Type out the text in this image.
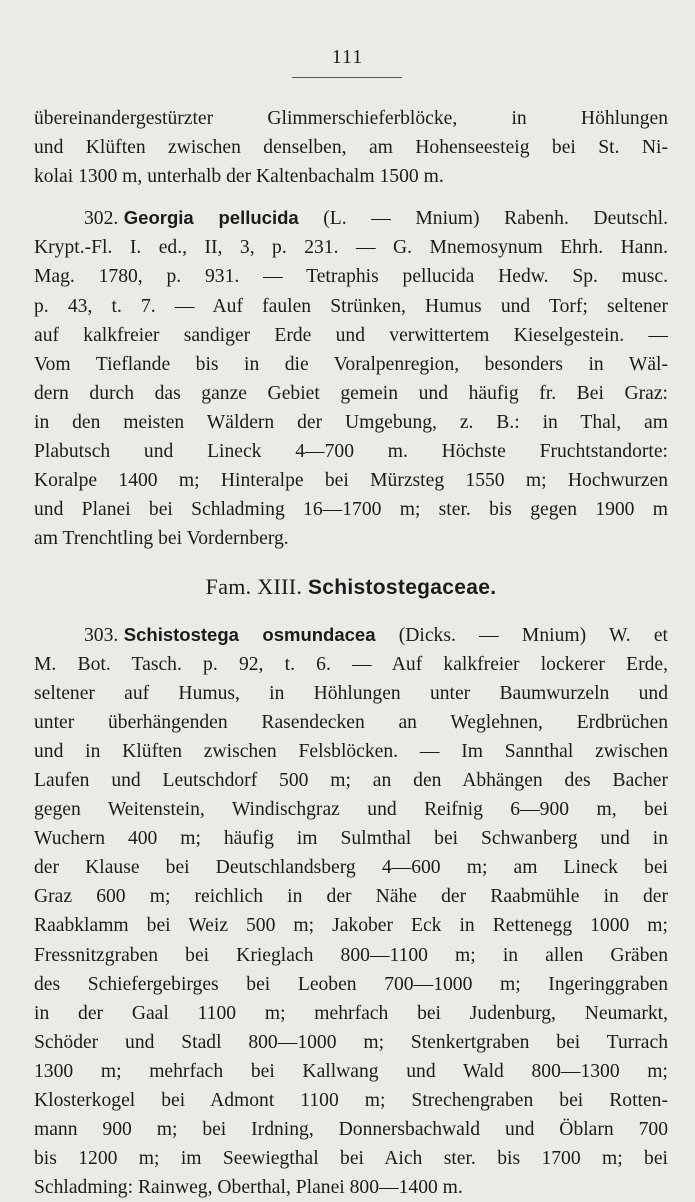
111
übereinandergestürzter Glimmerschieferblöcke, in Höhlungen
und Klüften zwischen denselben, am Hohenseesteig bei St. Ni-
kolai 1300 m, unterhalb der Kaltenbachalm 1500 m.
302. Georgia pellucida (L. — Mnium) Rabenh. Deutschl.
Krypt.-Fl. I. ed., II, 3, p. 231. — G. Mnemosynum Ehrh. Hann.
Mag. 1780, p. 931. — Tetraphis pellucida Hedw. Sp. musc.
p. 43, t. 7. — Auf faulen Strünken, Humus und Torf; seltener
auf kalkfreier sandiger Erde und verwittertem Kieselgestein. —
Vom Tieflande bis in die Voralpenregion, besonders in Wäl-
dern durch das ganze Gebiet gemein und häufig fr. Bei Graz:
in den meisten Wäldern der Umgebung, z. B.: in Thal, am
Plabutsch und Lineck 4—700 m. Höchste Fruchtstandorte:
Koralpe 1400 m; Hinteralpe bei Mürzsteg 1550 m; Hochwurzen
und Planei bei Schladming 16—1700 m; ster. bis gegen 1900 m
am Trenchtling bei Vordernberg.
Fam. XIII. Schistostegaceae.
303. Schistostega osmundacea (Dicks. — Mnium) W. et
M. Bot. Tasch. p. 92, t. 6. — Auf kalkfreier lockerer Erde,
seltener auf Humus, in Höhlungen unter Baumwurzeln und
unter überhängenden Rasendecken an Weglehnen, Erdbrüchen
und in Klüften zwischen Felsblöcken. — Im Sannthal zwischen
Laufen und Leutschdorf 500 m; an den Abhängen des Bacher
gegen Weitenstein, Windischgraz und Reifnig 6—900 m, bei
Wuchern 400 m; häufig im Sulmthal bei Schwanberg und in
der Klause bei Deutschlandsberg 4—600 m; am Lineck bei
Graz 600 m; reichlich in der Nähe der Raabmühle in der
Raabklamm bei Weiz 500 m; Jakober Eck in Rettenegg 1000 m;
Fressnitzgraben bei Krieglach 800—1100 m; in allen Gräben
des Schiefergebirges bei Leoben 700—1000 m; Ingeringgraben
in der Gaal 1100 m; mehrfach bei Judenburg, Neumarkt,
Schöder und Stadl 800—1000 m; Stenkertgraben bei Turrach
1300 m; mehrfach bei Kallwang und Wald 800—1300 m;
Klosterkogel bei Admont 1100 m; Strechengraben bei Rotten-
mann 900 m; bei Irdning, Donnersbachwald und Öblarn 700
bis 1200 m; im Seewiegthal bei Aich ster. bis 1700 m; bei
Schladming: Rainweg, Oberthal, Planei 800—1400 m.
